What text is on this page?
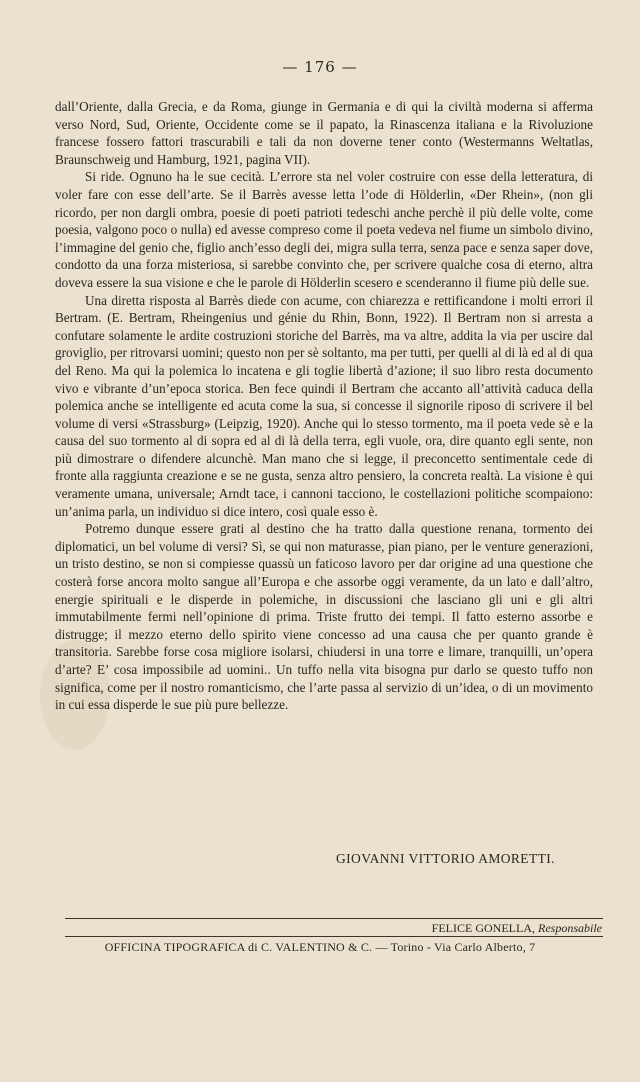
— 176 —

dall’Oriente, dalla Grecia, e da Roma, giunge in Germania e di qui la civiltà moderna si afferma verso Nord, Sud, Oriente, Occidente come se il papato, la Rinascenza italiana e la Rivoluzione francese fossero fattori trascurabili e tali da non doverne tener conto (Westermanns Weltatlas, Braunschweig und Hamburg, 1921, pagina VII).

Si ride. Ognuno ha le sue cecità. L’errore sta nel voler costruire con esse della letteratura, di voler fare con esse dell’arte. Se il Barrès avesse letta l’ode di Hölderlin, «Der Rhein», (non gli ricordo, per non dargli ombra, poesie di poeti patrioti tedeschi anche perchè il più delle volte, come poesia, valgono poco o nulla) ed avesse compreso come il poeta vedeva nel fiume un simbolo divino, l’immagine del genio che, figlio anch’esso degli dei, migra sulla terra, senza pace e senza saper dove, condotto da una forza misteriosa, si sarebbe convinto che, per scrivere qualche cosa di eterno, altra doveva essere la sua visione e che le parole di Hölderlin scesero e scenderanno il fiume più delle sue.

Una diretta risposta al Barrès diede con acume, con chiarezza e rettificandone i molti errori il Bertram. (E. Bertram, Rheingenius und génie du Rhin, Bonn, 1922). Il Bertram non si arresta a confutare solamente le ardite costruzioni storiche del Barrès, ma va altre, addita la via per uscire dal groviglio, per ritrovarsi uomini; questo non per sè soltanto, ma per tutti, per quelli al di là ed al di qua del Reno. Ma qui la polemica lo incatena e gli toglie libertà d’azione; il suo libro resta documento vivo e vibrante d’un’epoca storica. Ben fece quindi il Bertram che accanto all’attività caduca della polemica anche se intelligente ed acuta come la sua, si concesse il signorile riposo di scrivere il bel volume di versi «Strassburg» (Leipzig, 1920). Anche qui lo stesso tormento, ma il poeta vede sè e la causa del suo tormento al di sopra ed al di là della terra, egli vuole, ora, dire quanto egli sente, non più dimostrare o difendere alcunchè. Man mano che si legge, il preconcetto sentimentale cede di fronte alla raggiunta creazione e se ne gusta, senza altro pensiero, la concreta realtà. La visione è qui veramente umana, universale; Arndt tace, i cannoni tacciono, le costellazioni politiche scompaiono: un’anima parla, un individuo si dice intero, così quale esso è.

Potremo dunque essere grati al destino che ha tratto dalla questione renana, tormento dei diplomatici, un bel volume di versi? Sì, se qui non maturasse, pian piano, per le venture generazioni, un tristo destino, se non si compiesse quassù un faticoso lavoro per dar origine ad una questione che costerà forse ancora molto sangue all’Europa e che assorbe oggi veramente, da un lato e dall’altro, energie spirituali e le disperde in polemiche, in discussioni che lasciano gli uni e gli altri immutabilmente fermi nell’opinione di prima. Triste frutto dei tempi. Il fatto esterno assorbe e distrugge; il mezzo eterno dello spirito viene concesso ad una causa che per quanto grande è transitoria. Sarebbe forse cosa migliore isolarsi, chiudersi in una torre e limare, tranquilli, un’opera d’arte? E’ cosa impossibile ad uomini.. Un tuffo nella vita bisogna pur darlo se questo tuffo non significa, come per il nostro romanticismo, che l’arte passa al servizio di un’idea, o di un movimento in cui essa disperde le sue più pure bellezze.

GIOVANNI VITTORIO AMORETTI.
FELICE GONELLA, Responsabile
OFFICINA TIPOGRAFICA di C. VALENTINO & C. — Torino - Via Carlo Alberto, 7
